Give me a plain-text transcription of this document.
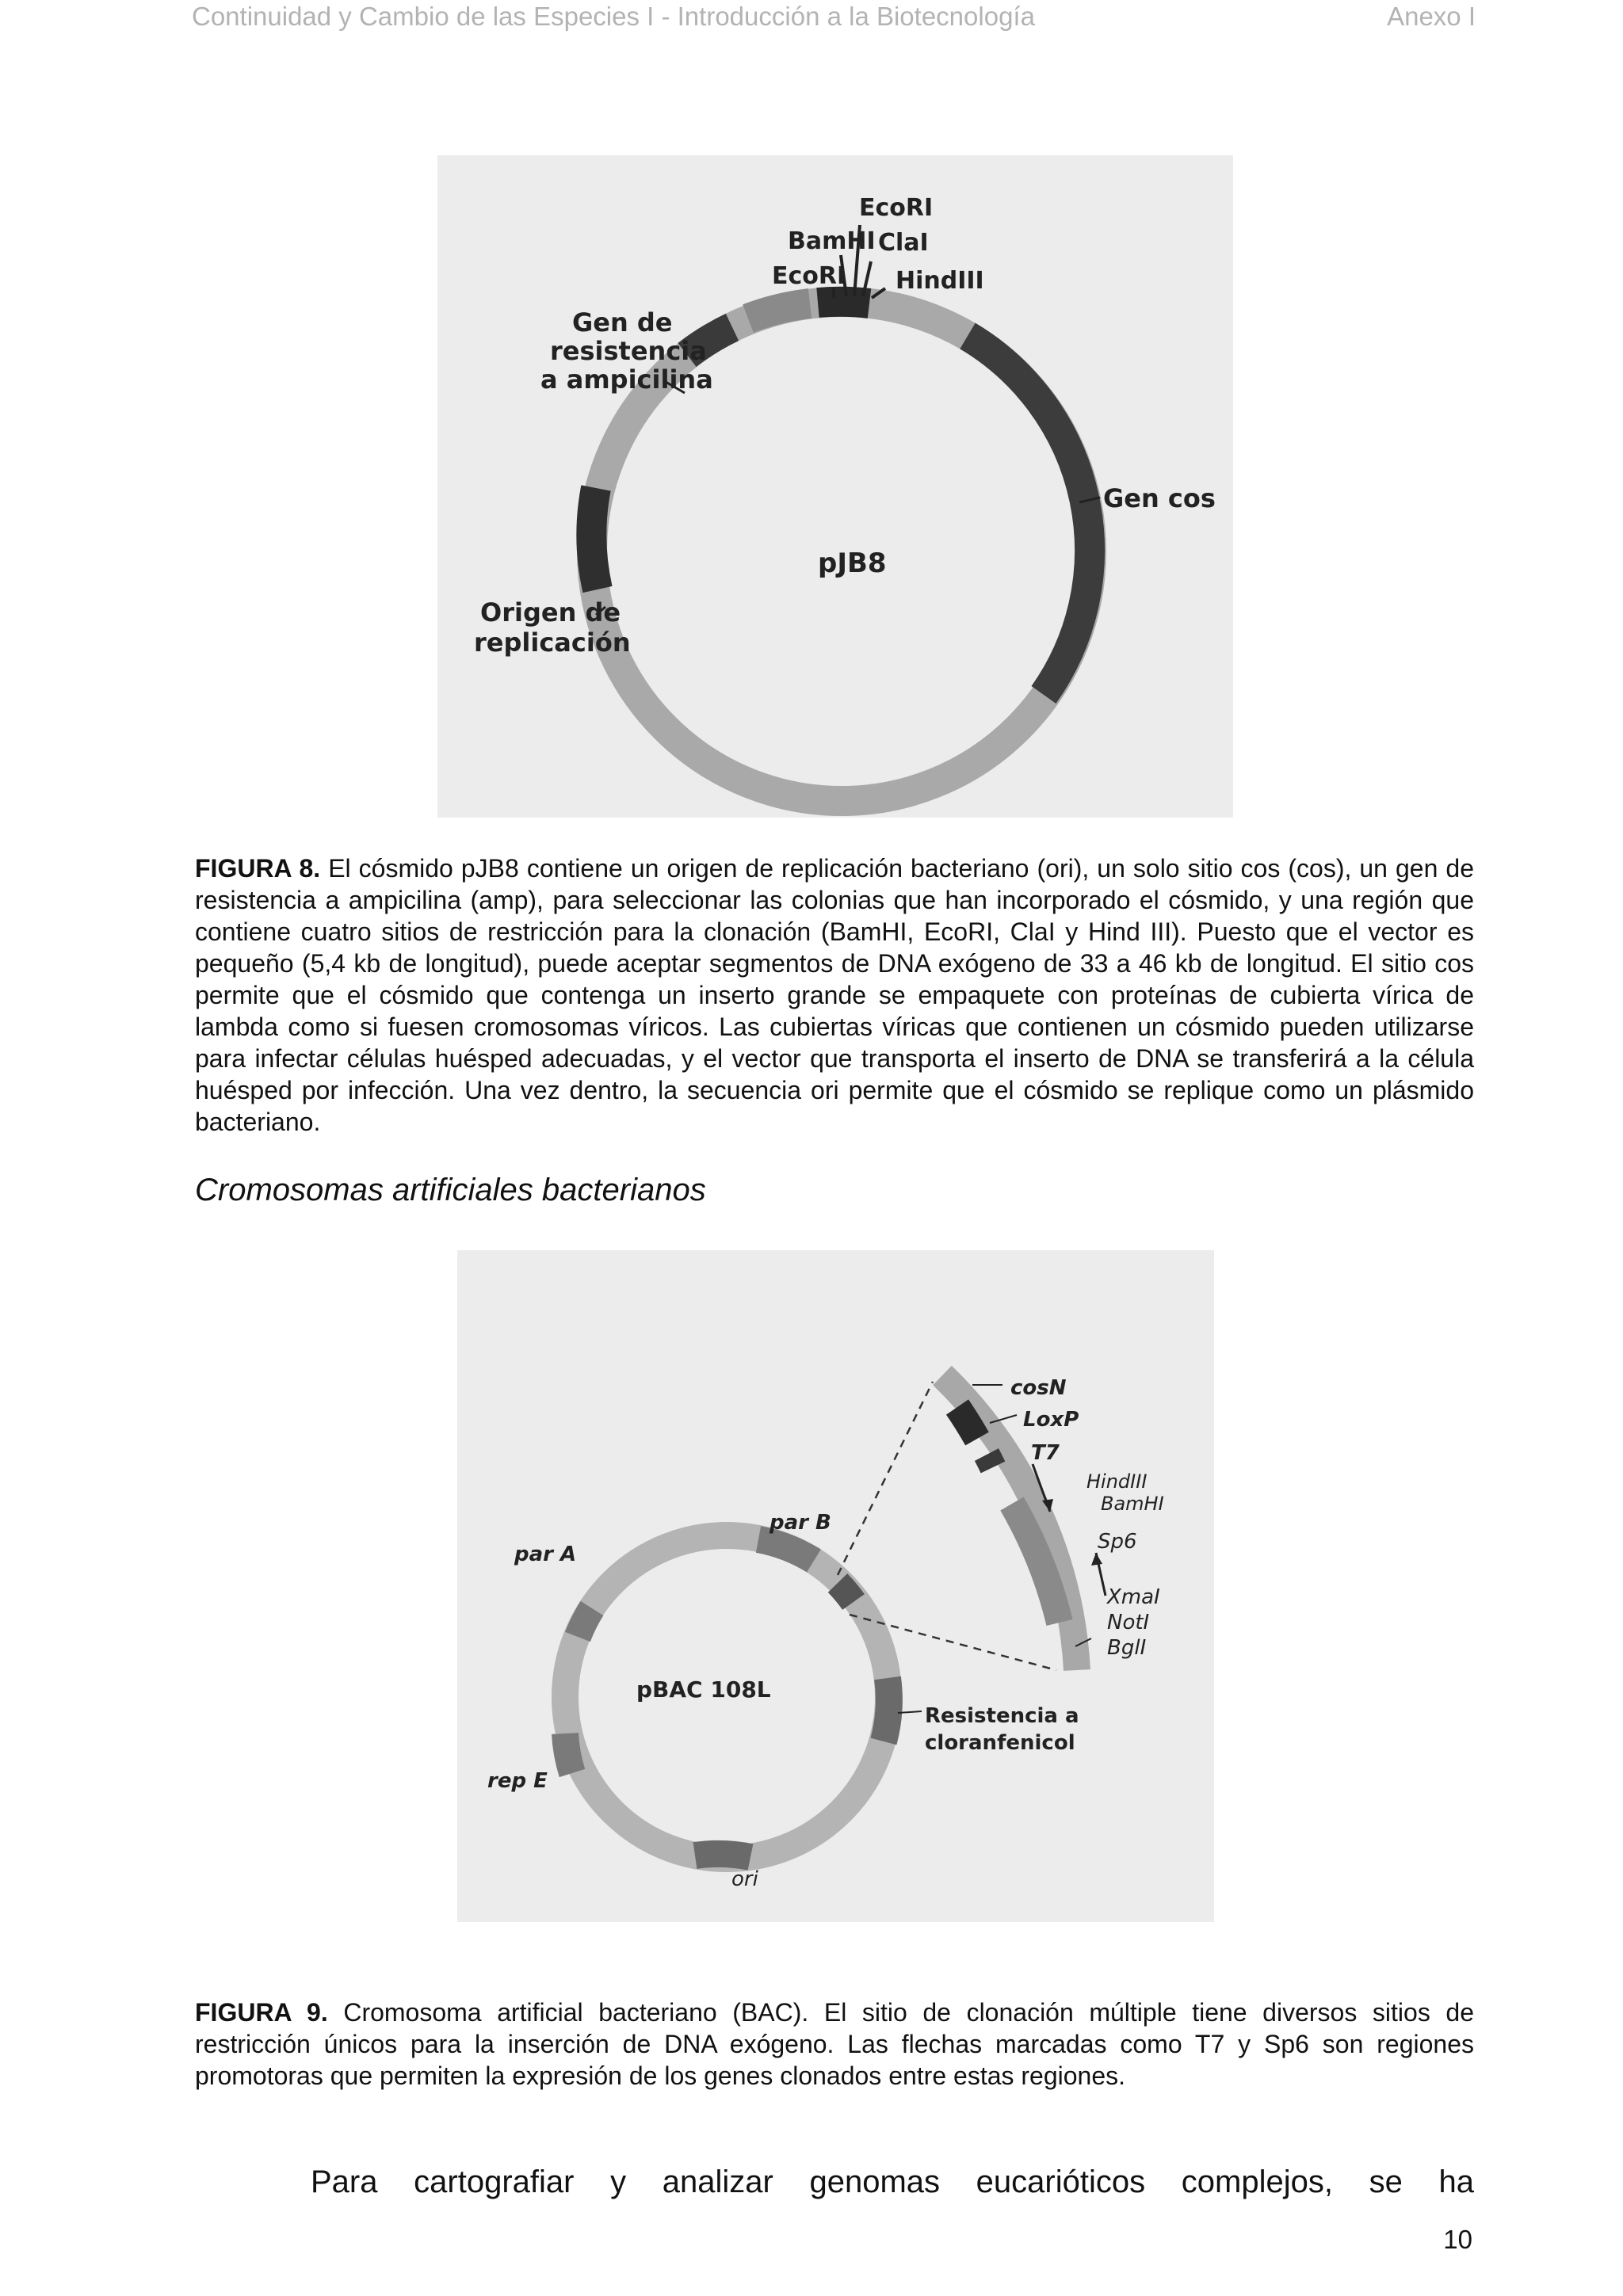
Continuidad y Cambio de las Especies I - Introducción a la Biotecnología	Anexo I
EcoRI
BamHI ClaI
EcoRI HindIII
Gen de
resistencia
a ampicilina
Gen cos
Origen de
replicación
pJB8
FIGURA 8. El cósmido pJB8 contiene un origen de replicación bacteriano (ori), un solo sitio cos (cos), un gen de resistencia a ampicilina (amp), para seleccionar las colonias que han incorporado el cósmido, y una región que contiene cuatro sitios de restricción para la clonación (BamHI, EcoRI, ClaI y Hind III). Puesto que el vector es pequeño (5,4 kb de longitud), puede aceptar segmentos de DNA exógeno de 33 a 46 kb de longitud. El sitio cos permite que el cósmido que contenga un inserto grande se empaquete con proteínas de cubierta vírica de lambda como si fuesen cromosomas víricos. Las cubiertas víricas que contienen un cósmido pueden utilizarse para infectar células huésped adecuadas, y el vector que transporta el inserto de DNA se transferirá a la célula huésped por infección. Una vez dentro, la secuencia ori permite que el cósmido se replique como un plásmido bacteriano.
Cromosomas artificiales bacterianos
cosN
LoxP
T7
HindIII
BamHI
Sp6
XmaI
NotI
BglI
par A
par B
rep E
ori
Resistencia a
cloranfenicol
pBAC 108L
FIGURA 9. Cromosoma artificial bacteriano (BAC). El sitio de clonación múltiple tiene diversos sitios de restricción únicos para la inserción de DNA exógeno. Las flechas marcadas como T7 y Sp6 son regiones promotoras que permiten la expresión de los genes clonados entre estas regiones.
Para cartografiar y analizar genomas eucarióticos complejos, se ha
10
